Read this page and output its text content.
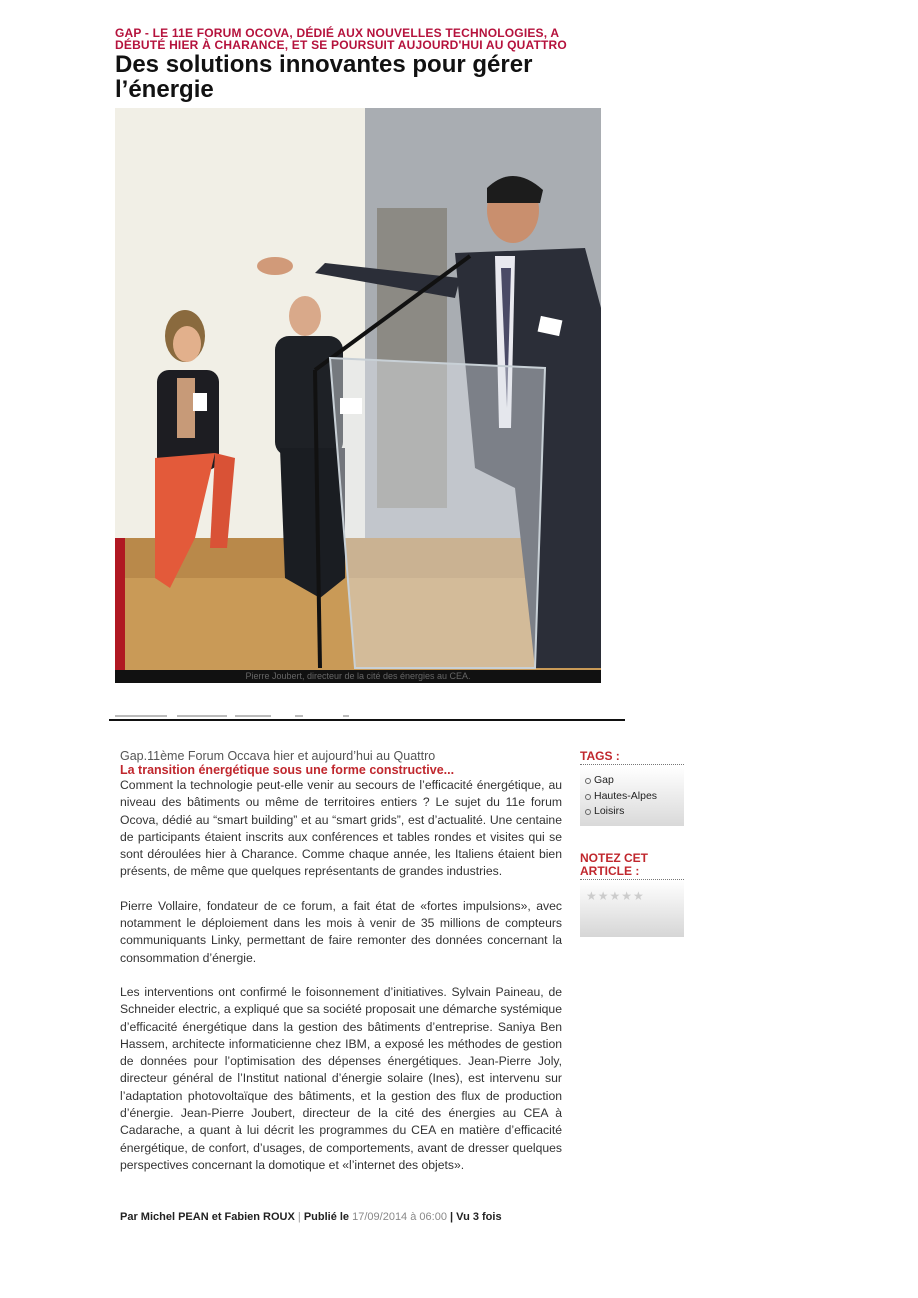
GAP - LE 11E FORUM OCOVA, DÉDIÉ AUX NOUVELLES TECHNOLOGIES, A DÉBUTÉ HIER À CHARANCE, ET SE POURSUIT AUJOURD'HUI AU QUATTRO
Des solutions innovantes pour gérer l’énergie
Pierre Joubert, directeur de la cité des énergies au CEA.
Gap.11ème Forum Occava hier et aujourd’hui au Quattro
La transition énergétique sous une forme constructive...

Comment la technologie peut-elle venir au secours de l’efficacité énergétique, au niveau des bâtiments ou même de territoires entiers ? Le sujet du 11e forum Ocova, dédié au “smart building” et au “smart grids”, est d’actualité. Une centaine de participants étaient inscrits aux conférences et tables rondes et visites qui se sont déroulées hier à Charance. Comme chaque année, les Italiens étaient bien présents, de même que quelques représentants de grandes industries.

Pierre Vollaire, fondateur de ce forum, a fait état de «fortes impulsions», avec notamment le déploiement dans les mois à venir de 35 millions de compteurs communiquants Linky, permettant de faire remonter des données concernant la consommation d’énergie.

Les interventions ont confirmé le foisonnement d’initiatives. Sylvain Paineau, de Schneider electric, a expliqué que sa société proposait une démarche systémique d’efficacité énergétique dans la gestion des bâtiments d’entreprise. Saniya Ben Hassem, architecte informaticienne chez IBM, a exposé les méthodes de gestion de données pour l’optimisation des dépenses énergétiques. Jean-Pierre Joly, directeur général de l’Institut national d’énergie solaire (Ines), est intervenu sur l’adaptation photovoltaïque des bâtiments, et la gestion des flux de production d’énergie. Jean-Pierre Joubert, directeur de la cité des énergies au CEA à Cadarache, a quant à lui décrit les programmes du CEA en matière d’efficacité énergétique, de confort, d’usages, de comportements, avant de dresser quelques perspectives concernant la domotique et «l’internet des objets».

Par Michel PEAN et Fabien ROUX | Publié le 17/09/2014 à 06:00 | Vu 3 fois
TAGS :
Gap
Hautes-Alpes
Loisirs
NOTEZ CET ARTICLE :
★★★★★
